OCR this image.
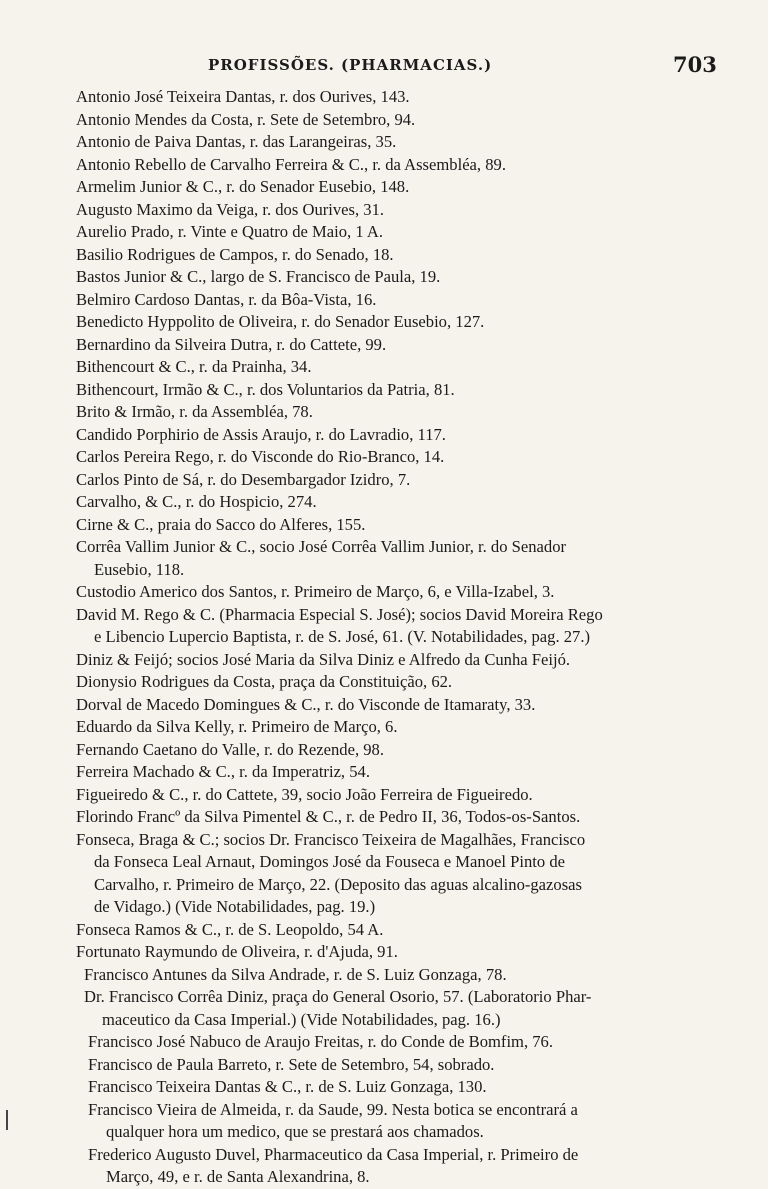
PROFISSÕES. (PHARMACIAS.)	703
Antonio José Teixeira Dantas, r. dos Ourives, 143.
Antonio Mendes da Costa, r. Sete de Setembro, 94.
Antonio de Paiva Dantas, r. das Larangeiras, 35.
Antonio Rebello de Carvalho Ferreira & C., r. da Assembléa, 89.
Armelim Junior & C., r. do Senador Eusebio, 148.
Augusto Maximo da Veiga, r. dos Ourives, 31.
Aurelio Prado, r. Vinte e Quatro de Maio, 1 A.
Basilio Rodrigues de Campos, r. do Senado, 18.
Bastos Junior & C., largo de S. Francisco de Paula, 19.
Belmiro Cardoso Dantas, r. da Bôa-Vista, 16.
Benedicto Hyppolito de Oliveira, r. do Senador Eusebio, 127.
Bernardino da Silveira Dutra, r. do Cattete, 99.
Bithencourt & C., r. da Prainha, 34.
Bithencourt, Irmão & C., r. dos Voluntarios da Patria, 81.
Brito & Irmão, r. da Assembléa, 78.
Candido Porphirio de Assis Araujo, r. do Lavradio, 117.
Carlos Pereira Rego, r. do Visconde do Rio-Branco, 14.
Carlos Pinto de Sá, r. do Desembargador Izidro, 7.
Carvalho, & C., r. do Hospicio, 274.
Cirne & C., praia do Sacco do Alferes, 155.
Corrêa Vallim Junior & C., socio José Corrêa Vallim Junior, r. do Senador
Eusebio, 118.
Custodio Americo dos Santos, r. Primeiro de Março, 6, e Villa-Izabel, 3.
David M. Rego & C. (Pharmacia Especial S. José); socios David Moreira Rego
e Libencio Lupercio Baptista, r. de S. José, 61. (V. Notabilidades, pag. 27.)
Diniz & Feijó; socios José Maria da Silva Diniz e Alfredo da Cunha Feijó.
Dionysio Rodrigues da Costa, praça da Constituição, 62.
Dorval de Macedo Domingues & C., r. do Visconde de Itamaraty, 33.
Eduardo da Silva Kelly, r. Primeiro de Março, 6.
Fernando Caetano do Valle, r. do Rezende, 98.
Ferreira Machado & C., r. da Imperatriz, 54.
Figueiredo & C., r. do Cattete, 39, socio João Ferreira de Figueiredo.
Florindo Francº da Silva Pimentel & C., r. de Pedro II, 36, Todos-os-Santos.
Fonseca, Braga & C.; socios Dr. Francisco Teixeira de Magalhães, Francisco
da Fonseca Leal Arnaut, Domingos José da Fouseca e Manoel Pinto de
Carvalho, r. Primeiro de Março, 22. (Deposito das aguas alcalino-gazosas
de Vidago.) (Vide Notabilidades, pag. 19.)
Fonseca Ramos & C., r. de S. Leopoldo, 54 A.
Fortunato Raymundo de Oliveira, r. d'Ajuda, 91.
Francisco Antunes da Silva Andrade, r. de S. Luiz Gonzaga, 78.
Dr. Francisco Corrêa Diniz, praça do General Osorio, 57. (Laboratorio Phar-
maceutico da Casa Imperial.) (Vide Notabilidades, pag. 16.)
Francisco José Nabuco de Araujo Freitas, r. do Conde de Bomfim, 76.
Francisco de Paula Barreto, r. Sete de Setembro, 54, sobrado.
Francisco Teixeira Dantas & C., r. de S. Luiz Gonzaga, 130.
Francisco Vieira de Almeida, r. da Saude, 99. Nesta botica se encontrará a
qualquer hora um medico, que se prestará aos chamados.
Frederico Augusto Duvel, Pharmaceutico da Casa Imperial, r. Primeiro de
Março, 49, e r. de Santa Alexandrina, 8.
